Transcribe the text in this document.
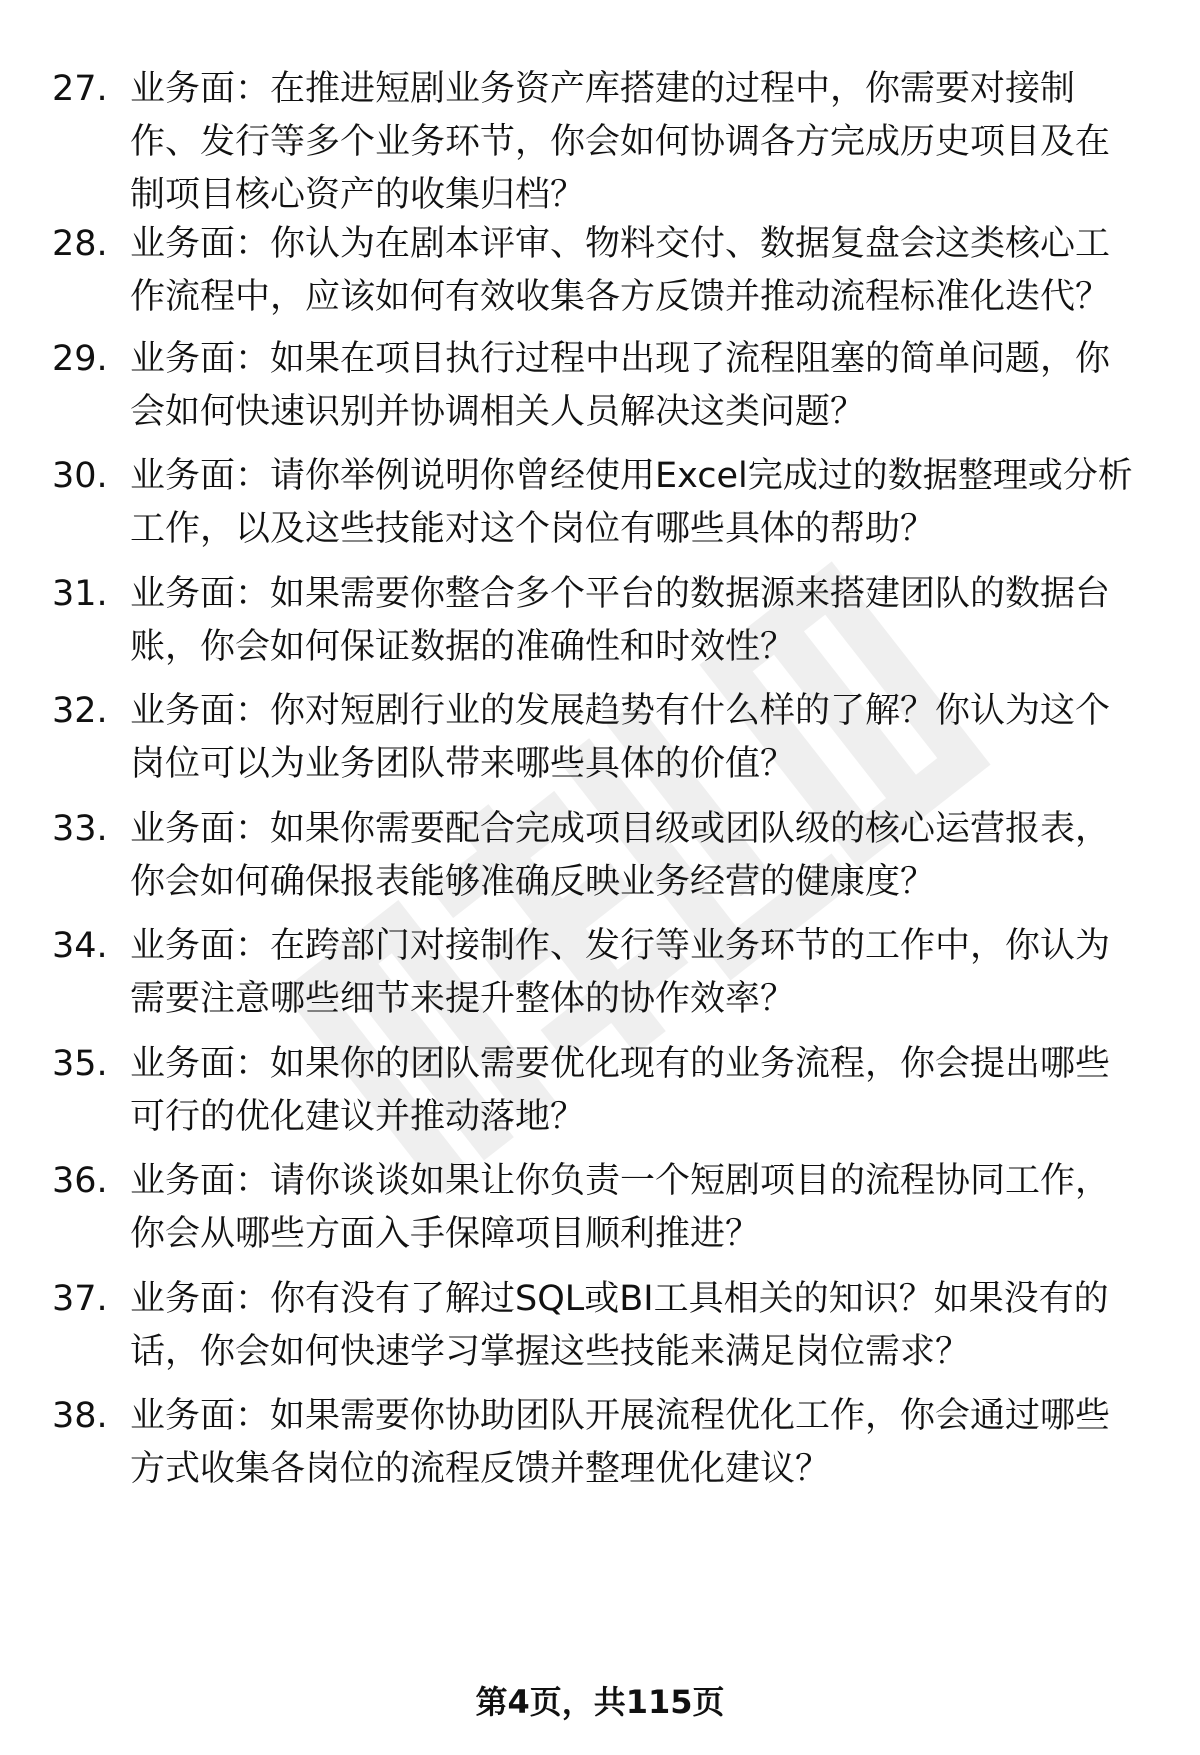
27. 业务面：在推进短剧业务资产库搭建的过程中，你需要对接制
作、发行等多个业务环节，你会如何协调各方完成历史项目及在
制项目核心资产的收集归档？
28. 业务面：你认为在剧本评审、物料交付、数据复盘会这类核心工
作流程中，应该如何有效收集各方反馈并推动流程标准化迭代？
29. 业务面：如果在项目执行过程中出现了流程阻塞的简单问题，你
会如何快速识别并协调相关人员解决这类问题？
30. 业务面：请你举例说明你曾经使用Excel完成过的数据整理或分析
工作，以及这些技能对这个岗位有哪些具体的帮助？
31. 业务面：如果需要你整合多个平台的数据源来搭建团队的数据台
账，你会如何保证数据的准确性和时效性？
32. 业务面：你对短剧行业的发展趋势有什么样的了解？你认为这个
岗位可以为业务团队带来哪些具体的价值？
33. 业务面：如果你需要配合完成项目级或团队级的核心运营报表，
你会如何确保报表能够准确反映业务经营的健康度？
34. 业务面：在跨部门对接制作、发行等业务环节的工作中，你认为
需要注意哪些细节来提升整体的协作效率？
35. 业务面：如果你的团队需要优化现有的业务流程，你会提出哪些
可行的优化建议并推动落地？
36. 业务面：请你谈谈如果让你负责一个短剧项目的流程协同工作，
你会从哪些方面入手保障项目顺利推进？
37. 业务面：你有没有了解过SQL或BI工具相关的知识？如果没有的
话，你会如何快速学习掌握这些技能来满足岗位需求？
38. 业务面：如果需要你协助团队开展流程优化工作，你会通过哪些
方式收集各岗位的流程反馈并整理优化建议？
第4页，共115页
